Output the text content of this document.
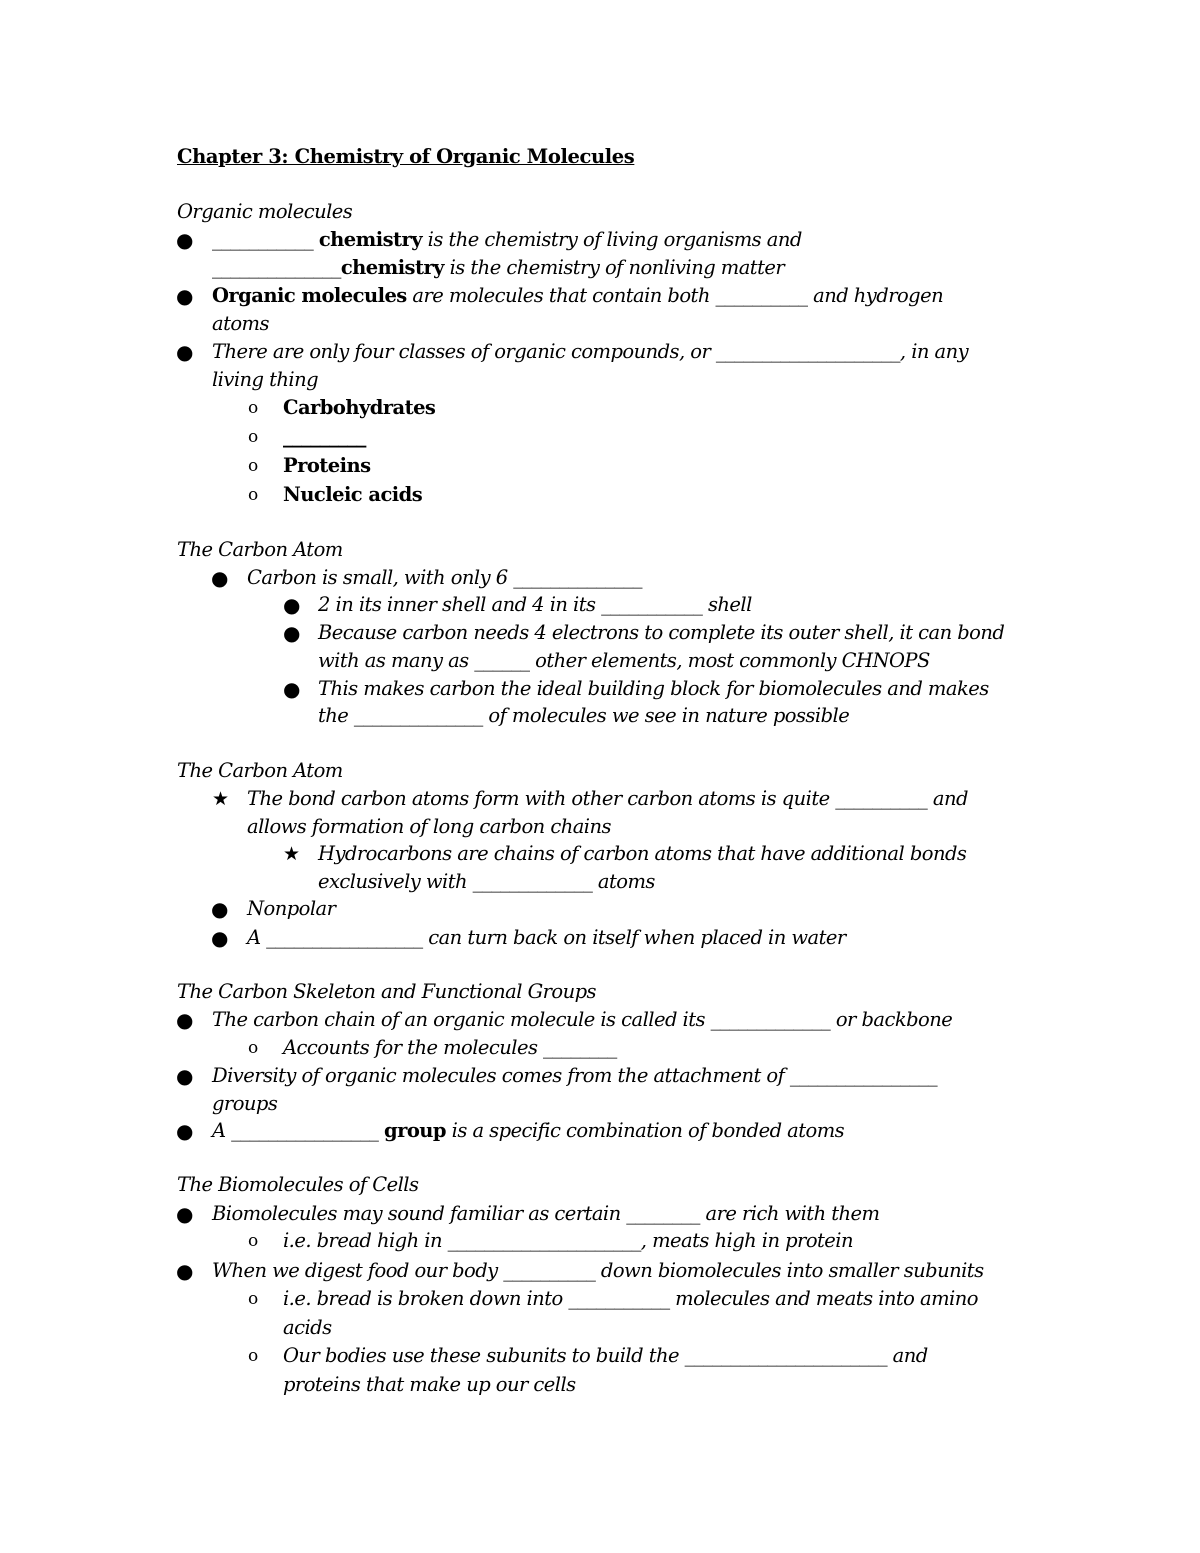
Chapter 3: Chemistry of Organic Molecules
Organic molecules
● ___________ chemistry is the chemistry of living organisms and
______________chemistry is the chemistry of nonliving matter
● Organic molecules are molecules that contain both __________ and hydrogen
atoms
● There are only four classes of organic compounds, or ____________________, in any
living thing
o Carbohydrates
o _________
o Proteins
o Nucleic acids
The Carbon Atom
● Carbon is small, with only 6 ______________
● 2 in its inner shell and 4 in its ___________ shell
● Because carbon needs 4 electrons to complete its outer shell, it can bond
with as many as ______ other elements, most commonly CHNOPS
● This makes carbon the ideal building block for biomolecules and makes
the ______________ of molecules we see in nature possible
The Carbon Atom
★ The bond carbon atoms form with other carbon atoms is quite __________ and
allows formation of long carbon chains
★ Hydrocarbons are chains of carbon atoms that have additional bonds
exclusively with _____________ atoms
● Nonpolar
● A _________________ can turn back on itself when placed in water
The Carbon Skeleton and Functional Groups
● The carbon chain of an organic molecule is called its _____________ or backbone
o Accounts for the molecules ________
● Diversity of organic molecules comes from the attachment of ________________
groups
● A ________________ group is a specific combination of bonded atoms
The Biomolecules of Cells
● Biomolecules may sound familiar as certain ________ are rich with them
o i.e. bread high in _____________________, meats high in protein
● When we digest food our body __________ down biomolecules into smaller subunits
o i.e. bread is broken down into ___________ molecules and meats into amino
acids
o Our bodies use these subunits to build the ______________________ and
proteins that make up our cells
